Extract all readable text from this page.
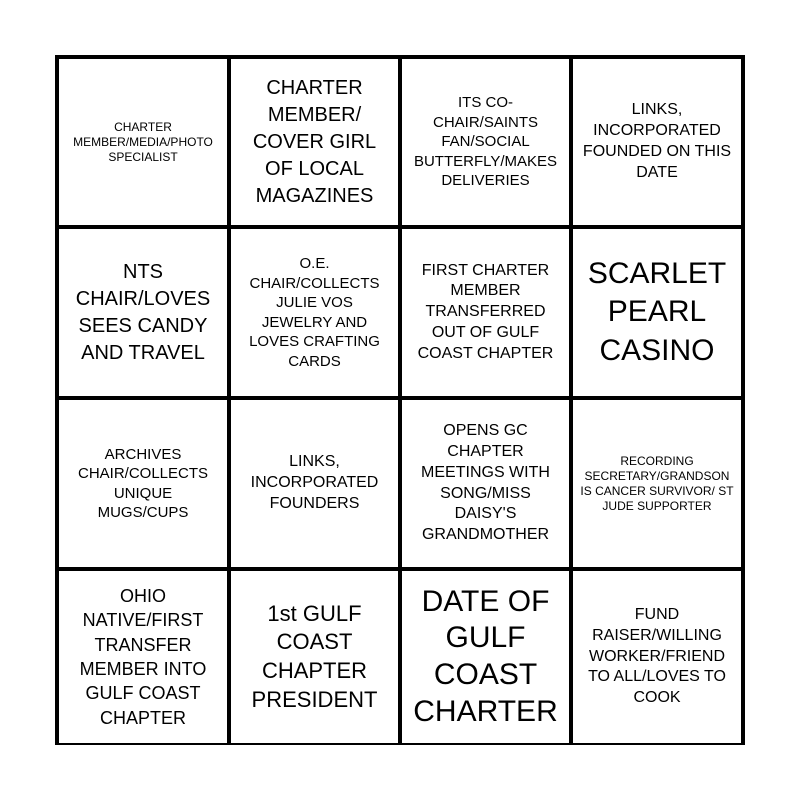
CHARTER MEMBER/MEDIA/PHOTO SPECIALIST
CHARTER MEMBER/ COVER GIRL OF LOCAL MAGAZINES
ITS CO-CHAIR/SAINTS FAN/SOCIAL BUTTERFLY/MAKES DELIVERIES
LINKS, INCORPORATED FOUNDED ON THIS DATE
NTS CHAIR/LOVES SEES CANDY AND TRAVEL
O.E. CHAIR/COLLECTS JULIE VOS JEWELRY AND LOVES CRAFTING CARDS
FIRST CHARTER MEMBER TRANSFERRED OUT OF GULF COAST CHAPTER
SCARLET PEARL CASINO
ARCHIVES CHAIR/COLLECTS UNIQUE MUGS/CUPS
LINKS, INCORPORATED FOUNDERS
OPENS GC CHAPTER MEETINGS WITH SONG/MISS DAISY'S GRANDMOTHER
RECORDING SECRETARY/GRANDSON IS CANCER SURVIVOR/ ST JUDE SUPPORTER
OHIO NATIVE/FIRST TRANSFER MEMBER INTO GULF COAST CHAPTER
1st GULF COAST CHAPTER PRESIDENT
DATE OF GULF COAST CHARTER
FUND RAISER/WILLING WORKER/FRIEND TO ALL/LOVES TO COOK
